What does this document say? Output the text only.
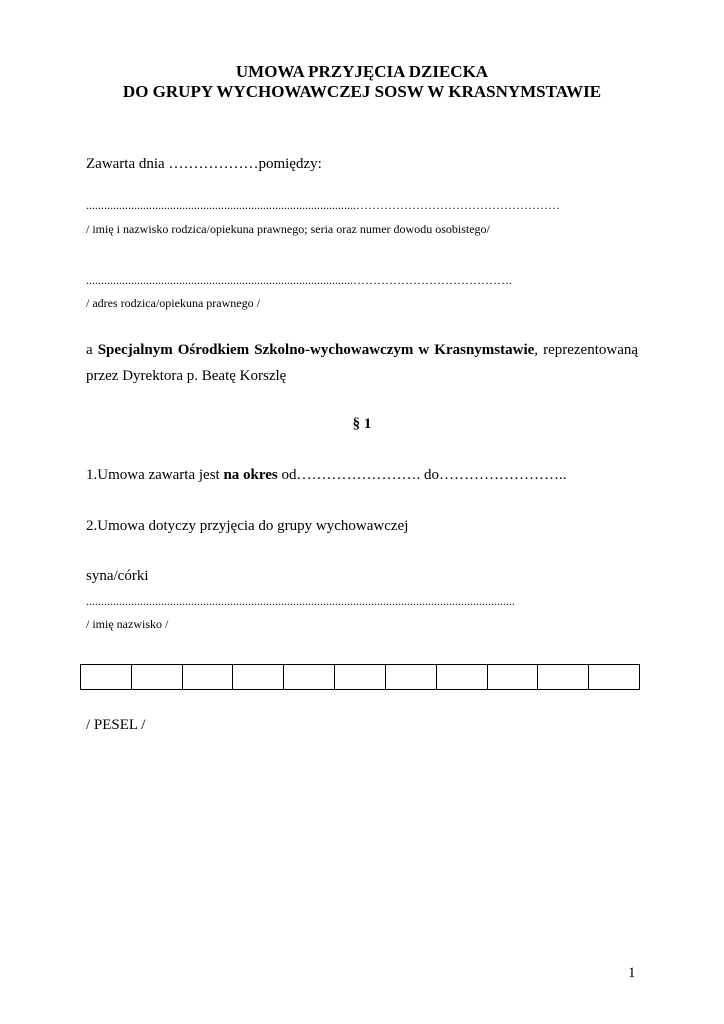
UMOWA PRZYJĘCIA DZIECKA
DO GRUPY WYCHOWAWCZEJ SOSW W KRASNYMSTAWIE
Zawarta dnia ………………pomiędzy:
..........................................................................................……………………………………………
/ imię i nazwisko rodzica/opiekuna prawnego; seria oraz numer dowodu osobistego/
.........................................................................................………………………………….
/ adres rodzica/opiekuna prawnego /
a Specjalnym Ośrodkiem Szkolno-wychowawczym w Krasnymstawie, reprezentowaną
przez Dyrektora p. Beatę Korszlę
§ 1
1.Umowa zawarta jest na okres od……………………. do……………………..
2.Umowa dotyczy przyjęcia do grupy wychowawczej
syna/córki
...............................................................................................................................................
/ imię nazwisko /

/ PESEL /
1
